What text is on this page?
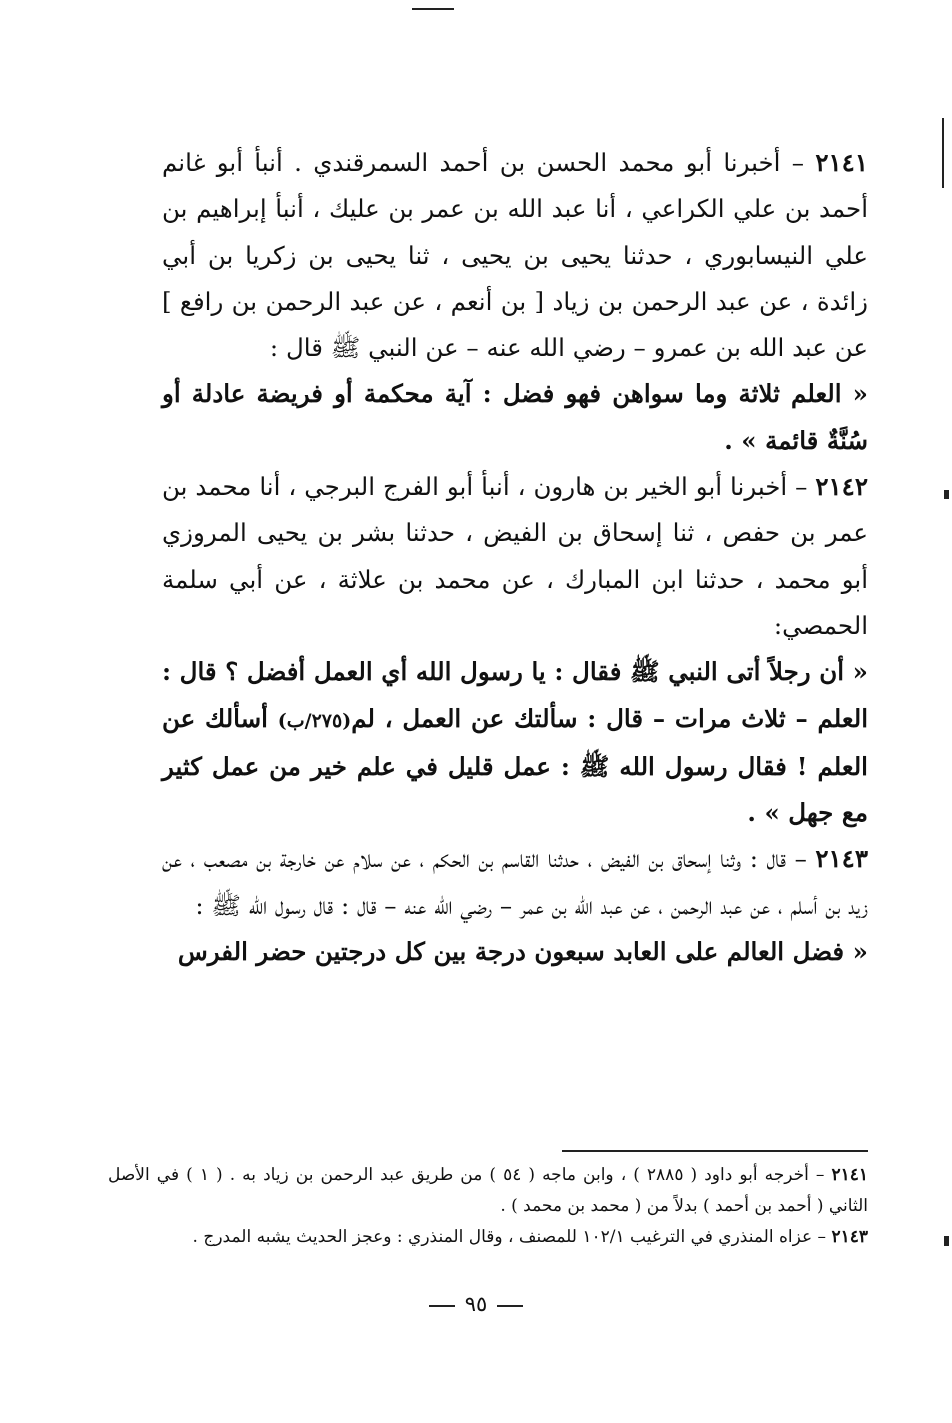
٢١٤١ – أخبرنا أبو محمد الحسن بن أحمد السمرقندي . أنبأ أبو غانم أحمد بن علي الكراعي ، أنا عبد الله بن عمر بن عليك ، أنبأ إبراهيم بن علي النيسابوري ، حدثنا يحيى بن يحيى ، ثنا يحيى بن زكريا بن أبي زائدة ، عن عبد الرحمن بن زياد [ بن أنعم ، عن عبد الرحمن بن رافع ] عن عبد الله بن عمرو – رضي الله عنه – عن النبي ﷺ قال :

« العلم ثلاثة وما سواهن فهو فضل : آية محكمة أو فريضة عادلة أو سُنَّةٌ قائمة » .

٢١٤٢ – أخبرنا أبو الخير بن هارون ، أنبأ أبو الفرج البرجي ، أنا محمد بن عمر بن حفص ، ثنا إسحاق بن الفيض ، حدثنا بشر بن يحيى المروزي أبو محمد ، حدثنا ابن المبارك ، عن محمد بن علاثة ، عن أبي سلمة الحمصي:

« أن رجلاً أتى النبي ﷺ فقال : يا رسول الله أي العمل أفضل ؟ قال : العلم – ثلاث مرات – قال : سألتك عن العمل ، لم(٢٧٥/ب) أسألك عن العلم ! فقال رسول الله ﷺ : عمل قليل في علم خير من عمل كثير مع جهل » .

٢١٤٣ – قال : وثنا إسحاق بن الفيض ، حدثنا القاسم بن الحكم ، عن سلام عن خارجة بن مصعب ، عن زيد بن أسلم ، عن عبد الرحمن ، عن عبد الله بن عمر – رضي الله عنه – قال : قال رسول الله ﷺ :

« فضل العالم على العابد سبعون درجة بين كل درجتين حضر الفرس

٢١٤١ – أخرجه أبو داود ( ٢٨٨٥ ) ، وابن ماجه ( ٥٤ ) من طريق عبد الرحمن بن زياد به . ( ١ ) في الأصل الثاني ( أحمد بن أحمد ) بدلاً من ( محمد بن محمد ) .

٢١٤٣ – عزاه المنذري في الترغيب ١٠٢/١ للمصنف ، وقال المنذري : وعجز الحديث يشبه المدرج .

٩٥
